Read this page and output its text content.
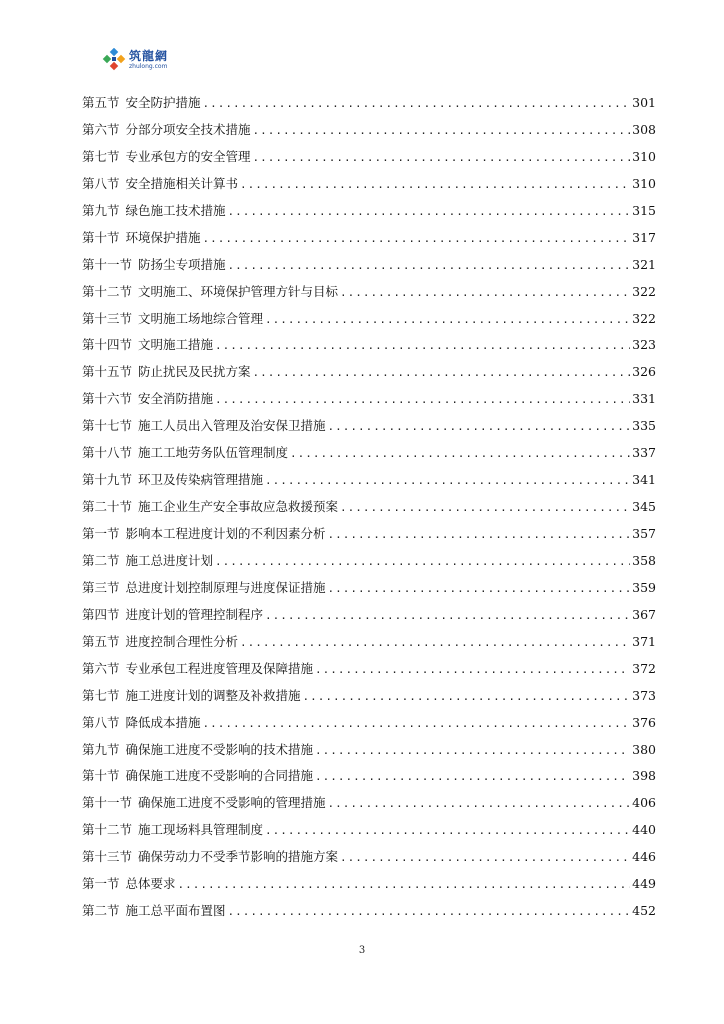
筑龍網
zhulong.com
第五节 安全防护措施 .....	301
第六节 分部分项安全技术措施 .....	308
第七节 专业承包方的安全管理 .....	310
第八节 安全措施相关计算书 .....	310
第九节 绿色施工技术措施 .....	315
第十节 环境保护措施 .....	317
第十一节 防扬尘专项措施 .....	321
第十二节 文明施工、环境保护管理方针与目标 .....	322
第十三节 文明施工场地综合管理 .....	322
第十四节 文明施工措施 .....	323
第十五节 防止扰民及民扰方案 .....	326
第十六节 安全消防措施 .....	331
第十七节 施工人员出入管理及治安保卫措施 .....	335
第十八节 施工工地劳务队伍管理制度 .....	337
第十九节 环卫及传染病管理措施 .....	341
第二十节 施工企业生产安全事故应急救援预案 .....	345
第一节 影响本工程进度计划的不利因素分析 .....	357
第二节 施工总进度计划 .....	358
第三节 总进度计划控制原理与进度保证措施 .....	359
第四节 进度计划的管理控制程序 .....	367
第五节 进度控制合理性分析 .....	371
第六节 专业承包工程进度管理及保障措施 .....	372
第七节 施工进度计划的调整及补救措施 .....	373
第八节 降低成本措施 .....	376
第九节 确保施工进度不受影响的技术措施 .....	380
第十节 确保施工进度不受影响的合同措施 .....	398
第十一节 确保施工进度不受影响的管理措施 .....	406
第十二节 施工现场料具管理制度 .....	440
第十三节 确保劳动力不受季节影响的措施方案 .....	446
第一节 总体要求 .....	449
第二节 施工总平面布置图 .....	452
3
